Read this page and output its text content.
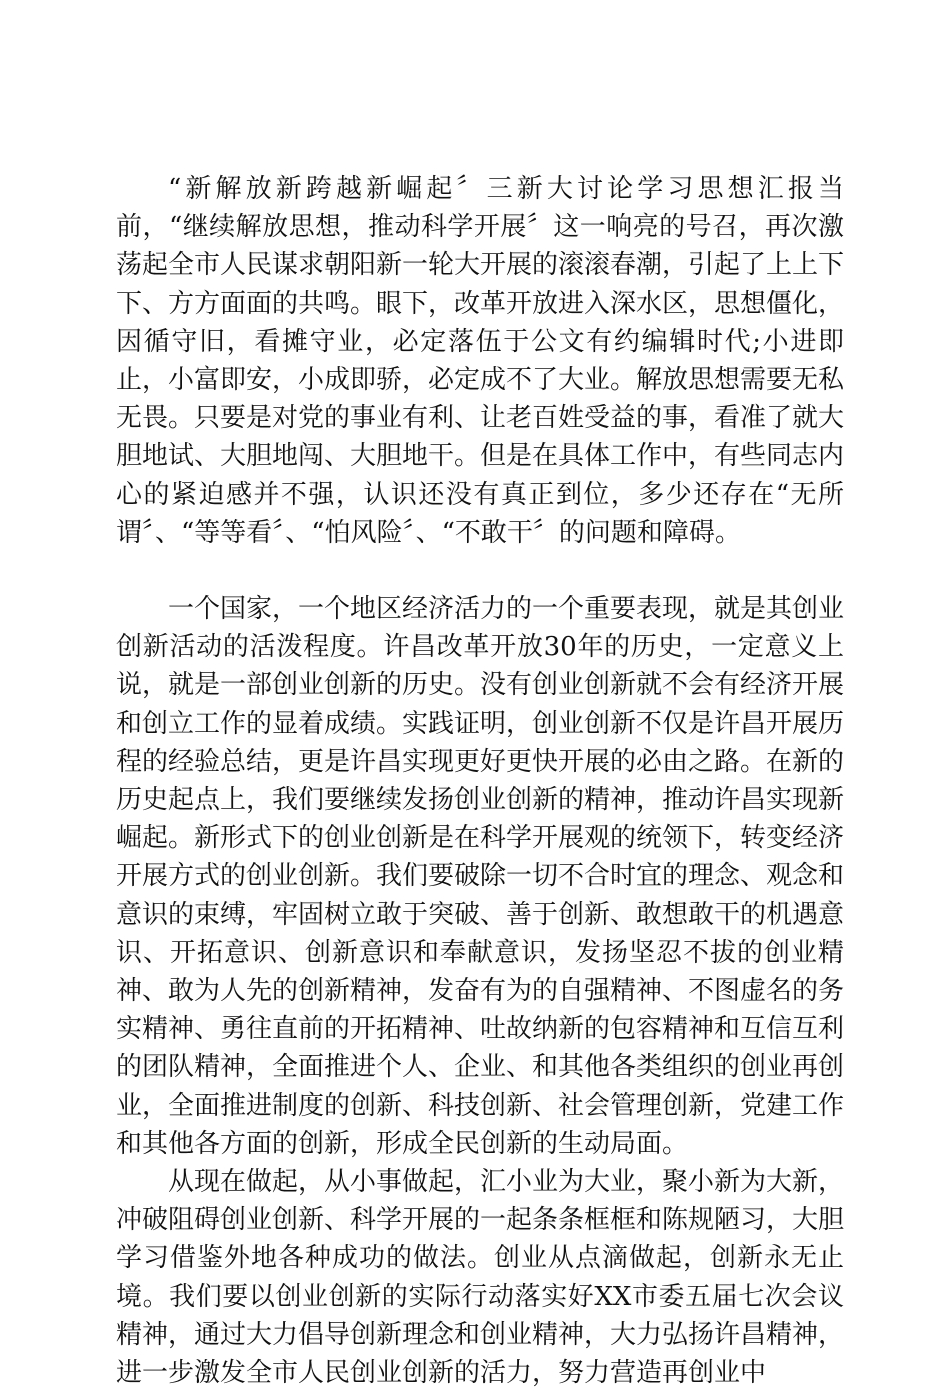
“新解放新跨越新崛起〞三新大讨论学习思想汇报当前，“继续解放思想，推动科学开展〞这一响亮的号召，再次激荡起全市人民谋求朝阳新一轮大开展的滚滚春潮，引起了上上下下、方方面面的共鸣。眼下，改革开放进入深水区，思想僵化，因循守旧，看摊守业，必定落伍于公文有约编辑时代;小进即止，小富即安，小成即骄，必定成不了大业。解放思想需要无私无畏。只要是对党的事业有利、让老百姓受益的事，看准了就大胆地试、大胆地闯、大胆地干。但是在具体工作中，有些同志内心的紧迫感并不强，认识还没有真正到位，多少还存在“无所谓〞、“等等看〞、“怕风险〞、“不敢干〞的问题和障碍。

一个国家，一个地区经济活力的一个重要表现，就是其创业创新活动的活泼程度。许昌改革开放30年的历史，一定意义上说，就是一部创业创新的历史。没有创业创新就不会有经济开展和创立工作的显着成绩。实践证明，创业创新不仅是许昌开展历程的经验总结，更是许昌实现更好更快开展的必由之路。在新的历史起点上，我们要继续发扬创业创新的精神，推动许昌实现新崛起。新形式下的创业创新是在科学开展观的统领下，转变经济开展方式的创业创新。我们要破除一切不合时宜的理念、观念和意识的束缚，牢固树立敢于突破、善于创新、敢想敢干的机遇意识、开拓意识、创新意识和奉献意识，发扬坚忍不拔的创业精神、敢为人先的创新精神，发奋有为的自强精神、不图虚名的务实精神、勇往直前的开拓精神、吐故纳新的包容精神和互信互利的团队精神，全面推进个人、企业、和其他各类组织的创业再创业，全面推进制度的创新、科技创新、社会管理创新，党建工作和其他各方面的创新，形成全民创新的生动局面。

从现在做起，从小事做起，汇小业为大业，聚小新为大新，冲破阻碍创业创新、科学开展的一起条条框框和陈规陋习，大胆学习借鉴外地各种成功的做法。创业从点滴做起，创新永无止境。我们要以创业创新的实际行动落实好XX市委五届七次会议精神，通过大力倡导创新理念和创业精神，大力弘扬许昌精神，进一步激发全市人民创业创新的活力，努力营造再创业中
